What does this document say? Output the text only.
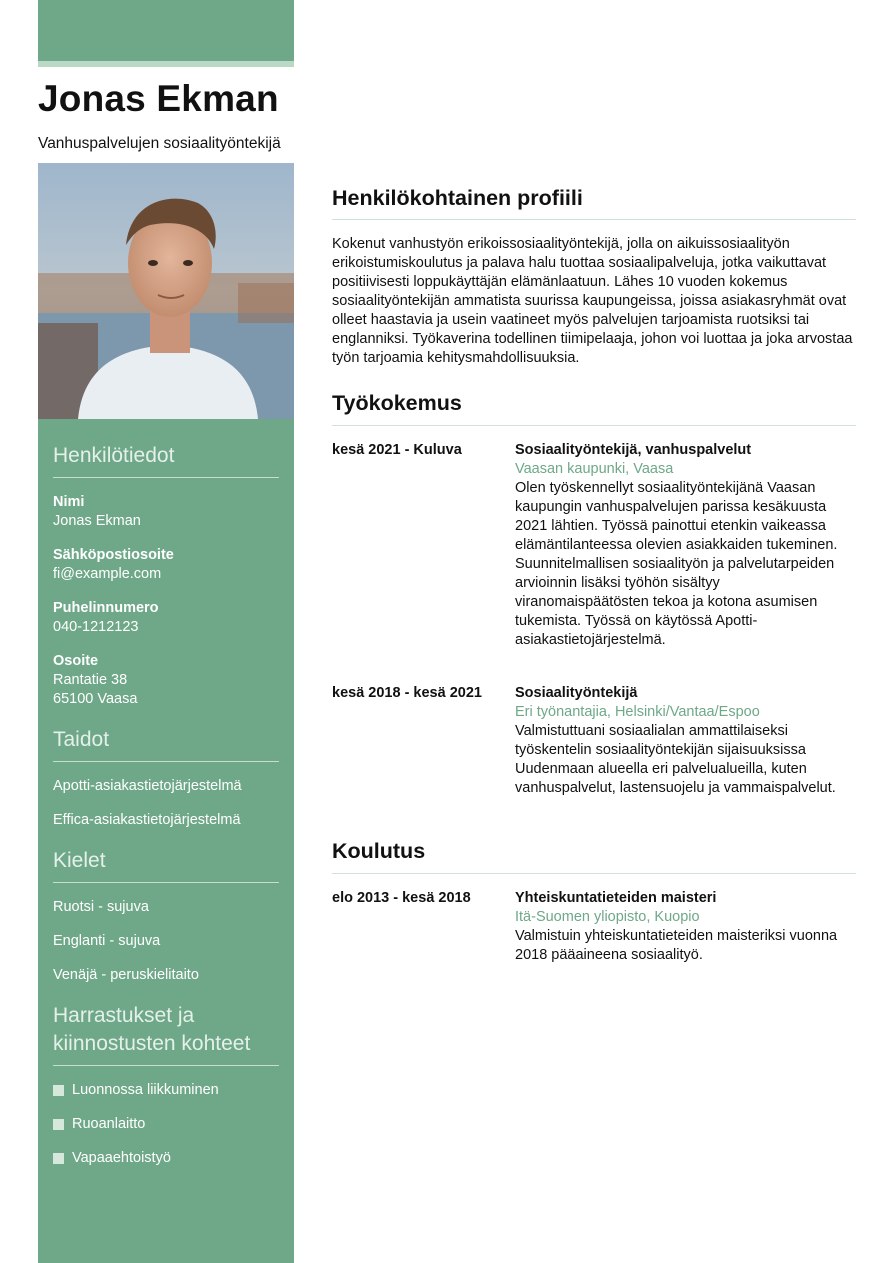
Jonas Ekman
Vanhuspalvelujen sosiaalityöntekijä
Henkilötiedot
Nimi
Jonas Ekman
Sähköpostiosoite
fi@example.com
Puhelinnumero
040-1212123
Osoite
Rantatie 38
65100 Vaasa
Taidot
Apotti-asiakastietojärjestelmä
Effica-asiakastietojärjestelmä
Kielet
Ruotsi - sujuva
Englanti - sujuva
Venäjä - peruskielitaito
Harrastukset ja
kiinnostusten kohteet
Luonnossa liikkuminen
Ruoanlaitto
Vapaaehtoistyö
Henkilökohtainen profiili
Kokenut vanhustyön erikoissosiaalityöntekijä, jolla on aikuissosiaalityön erikoistumiskoulutus ja palava halu tuottaa sosiaalipalveluja, jotka vaikuttavat positiivisesti loppukäyttäjän elämänlaatuun. Lähes 10 vuoden kokemus sosiaalityöntekijän ammatista suurissa kaupungeissa, joissa asiakasryhmät ovat olleet haastavia ja usein vaatineet myös palvelujen tarjoamista ruotsiksi tai englanniksi. Työkaverina todellinen tiimipelaaja, johon voi luottaa ja joka arvostaa työn tarjoamia kehitysmahdollisuuksia.
Työkokemus
kesä 2021 - Kuluva	Sosiaalityöntekijä, vanhuspalvelut
Vaasan kaupunki, Vaasa
Olen työskennellyt sosiaalityöntekijänä Vaasan kaupungin vanhuspalvelujen parissa kesäkuusta 2021 lähtien. Työssä painottui etenkin vaikeassa elämäntilanteessa olevien asiakkaiden tukeminen. Suunnitelmallisen sosiaalityön ja palvelutarpeiden arvioinnin lisäksi työhön sisältyy viranomaispäätösten tekoa ja kotona asumisen tukemista. Työssä on käytössä Apotti-asiakastietojärjestelmä.
kesä 2018 - kesä 2021 Sosiaalityöntekijä
Eri työnantajia, Helsinki/Vantaa/Espoo
Valmistuttuani sosiaalialan ammattilaiseksi työskentelin sosiaalityöntekijän sijaisuuksissa Uudenmaan alueella eri palvelualueilla, kuten vanhuspalvelut, lastensuojelu ja vammaispalvelut.
Koulutus
elo 2013 - kesä 2018	Yhteiskuntatieteiden maisteri
Itä-Suomen yliopisto, Kuopio
Valmistuin yhteiskuntatieteiden maisteriksi vuonna 2018 pääaineena sosiaalityö.
